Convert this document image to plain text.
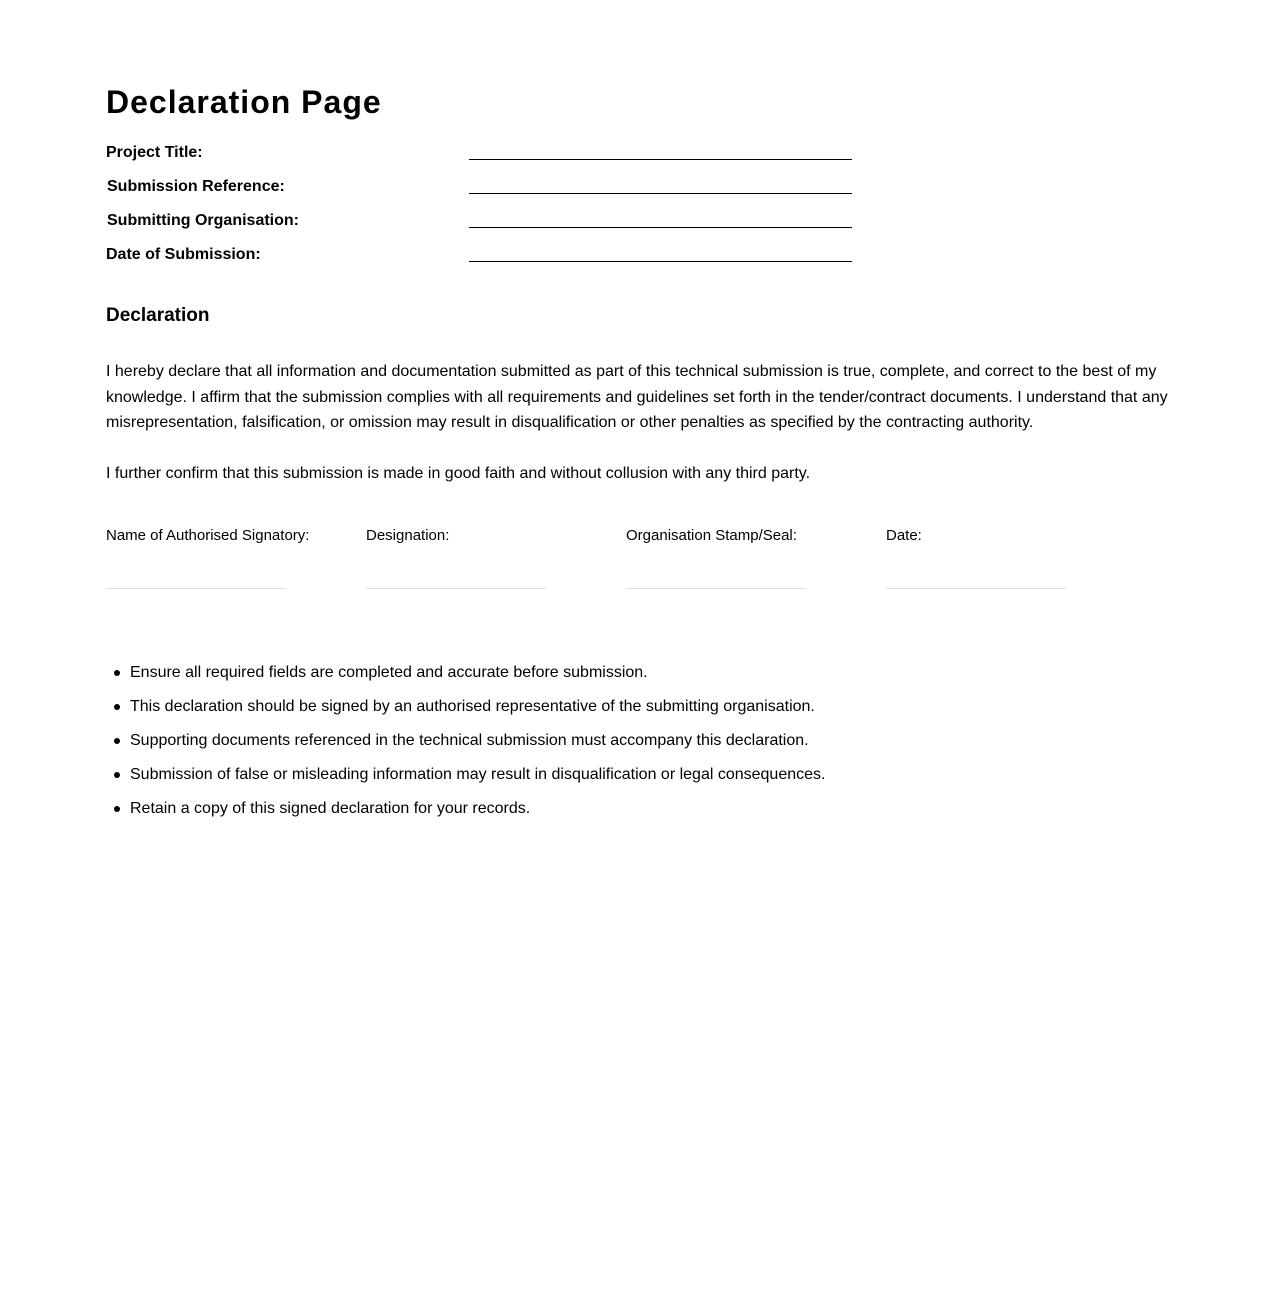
Declaration Page
Project Title:
Submission Reference:
Submitting Organisation:
Date of Submission:
Declaration

I hereby declare that all information and documentation submitted as part of this technical submission is true, complete, and correct to the best of my knowledge. I affirm that the submission complies with all requirements and guidelines set forth in the tender/contract documents. I understand that any misrepresentation, falsification, or omission may result in disqualification or other penalties as specified by the contracting authority.

I further confirm that this submission is made in good faith and without collusion with any third party.

Name of Authorised Signatory:	Designation:	Organisation Stamp/Seal:	Date:
Ensure all required fields are completed and accurate before submission.
This declaration should be signed by an authorised representative of the submitting organisation.
Supporting documents referenced in the technical submission must accompany this declaration.
Submission of false or misleading information may result in disqualification or legal consequences.
Retain a copy of this signed declaration for your records.
